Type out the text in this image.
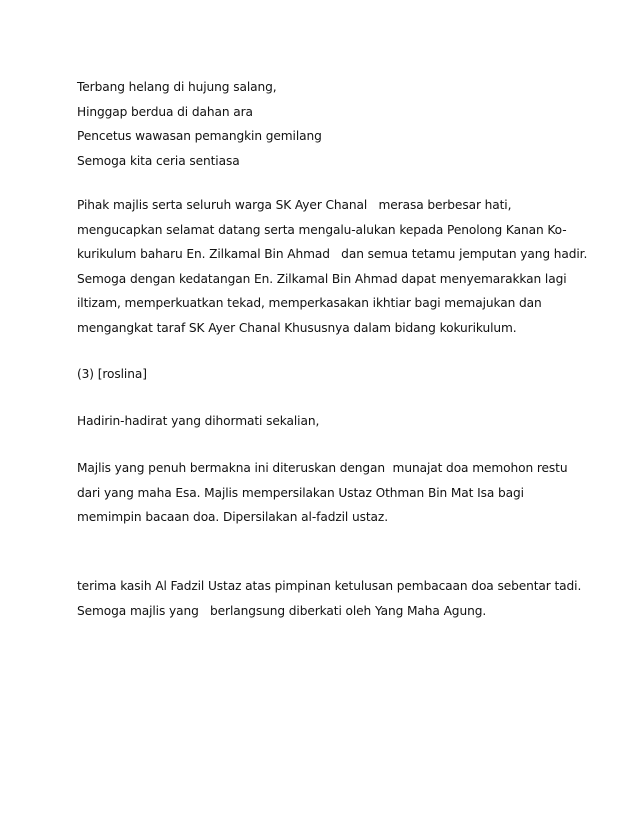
Terbang helang di hujung salang,
Hinggap berdua di dahan ara
Pencetus wawasan pemangkin gemilang
Semoga kita ceria sentiasa
Pihak majlis serta seluruh warga SK Ayer Chanal   merasa berbesar hati,
mengucapkan selamat datang serta mengalu-alukan kepada Penolong Kanan Ko-
kurikulum baharu En. Zilkamal Bin Ahmad   dan semua tetamu jemputan yang hadir.
Semoga dengan kedatangan En. Zilkamal Bin Ahmad dapat menyemarakkan lagi
iltizam, memperkuatkan tekad, memperkasakan ikhtiar bagi memajukan dan
mengangkat taraf SK Ayer Chanal Khususnya dalam bidang kokurikulum.
(3) [roslina]
Hadirin-hadirat yang dihormati sekalian,
Majlis yang penuh bermakna ini diteruskan dengan  munajat doa memohon restu
dari yang maha Esa. Majlis mempersilakan Ustaz Othman Bin Mat Isa bagi
memimpin bacaan doa. Dipersilakan al-fadzil ustaz.
terima kasih Al Fadzil Ustaz atas pimpinan ketulusan pembacaan doa sebentar tadi.
Semoga majlis yang   berlangsung diberkati oleh Yang Maha Agung.
